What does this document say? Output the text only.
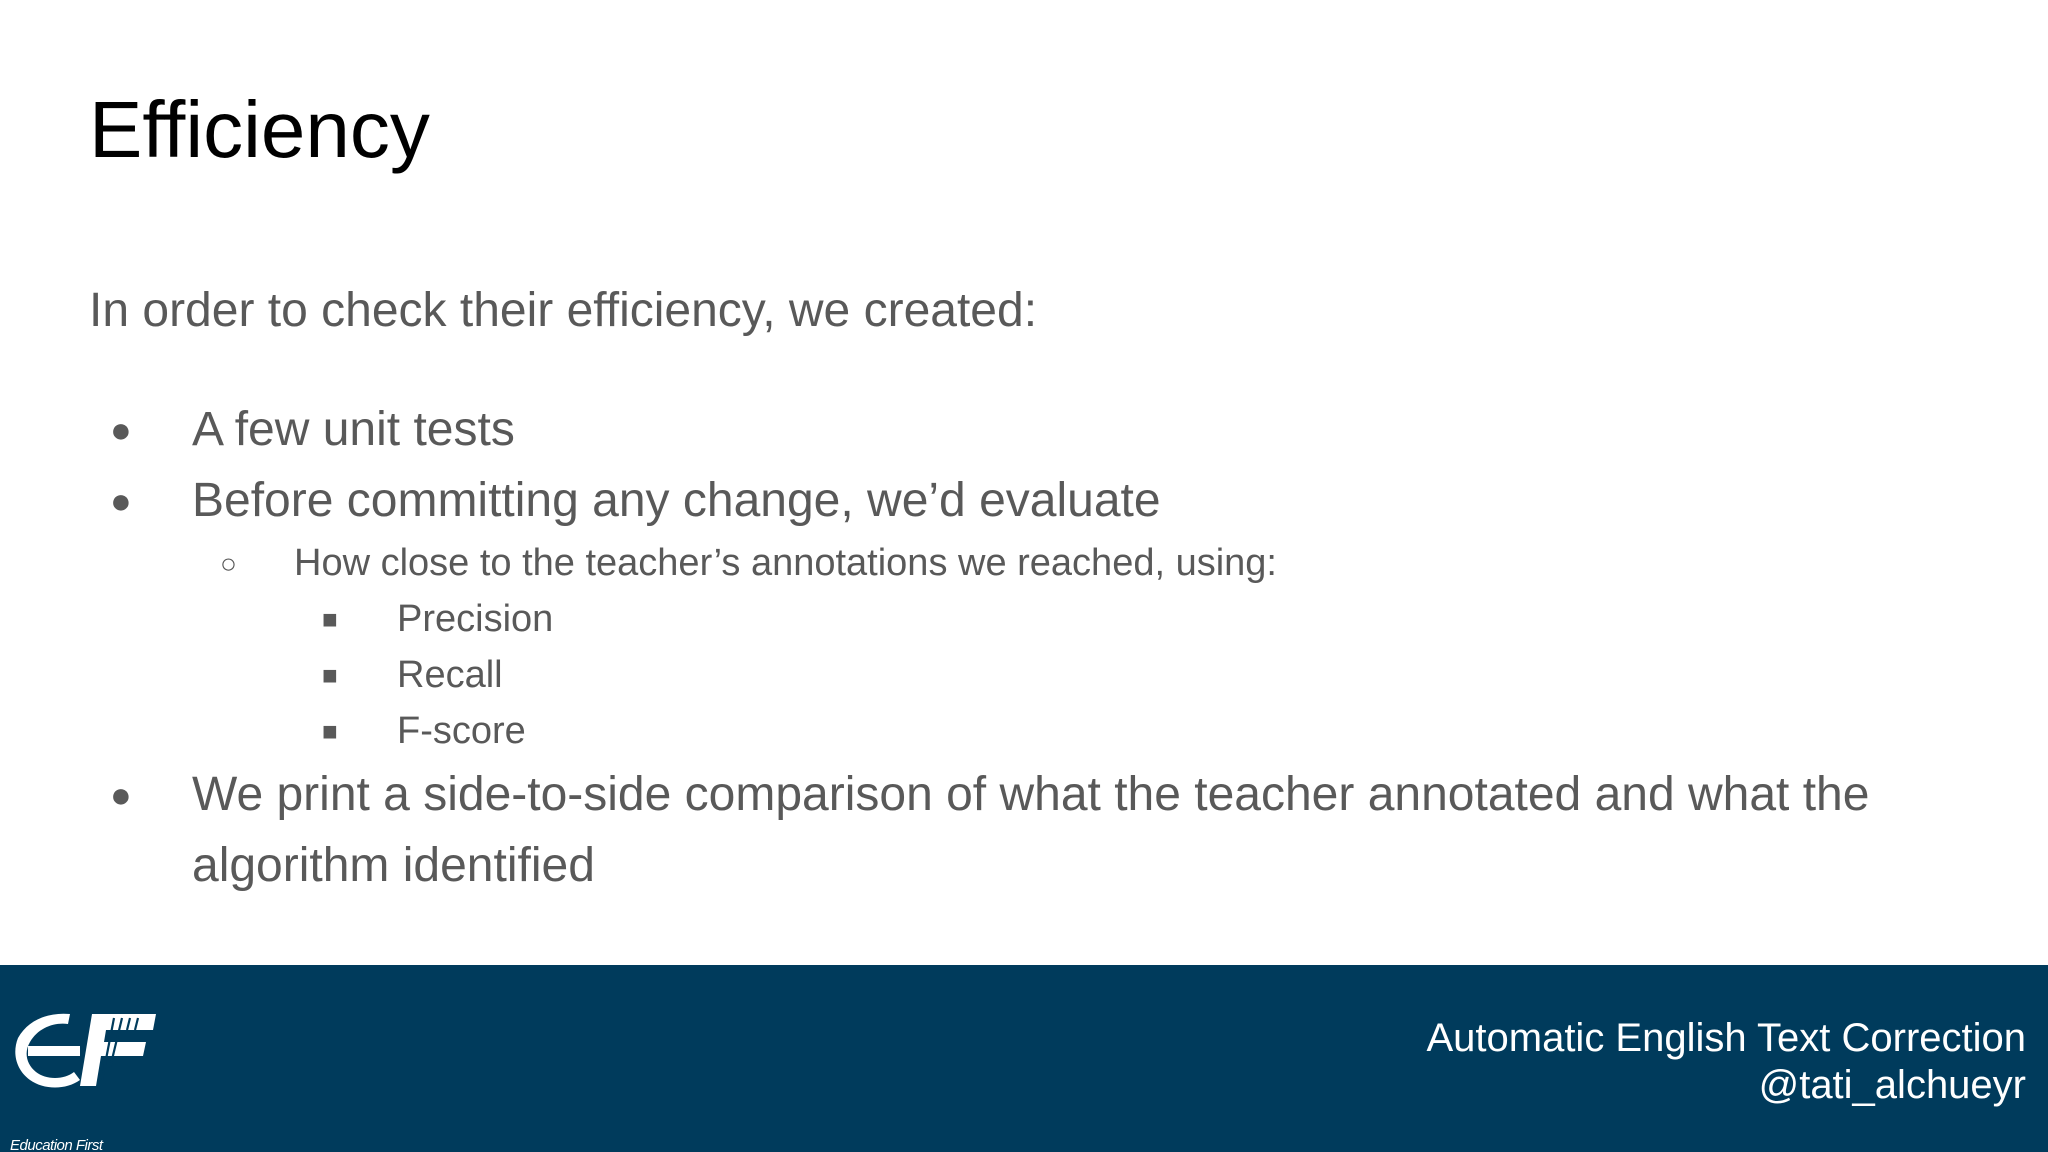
Efficiency

In order to check their efficiency, we created:

● A few unit tests
● Before committing any change, we’d evaluate
○ How close to the teacher’s annotations we reached, using:
■ Precision
■ Recall
■ F-score
● We print a side-to-side comparison of what the teacher annotated and what the algorithm identified
Education First
Automatic English Text Correction
@tati_alchueyr
